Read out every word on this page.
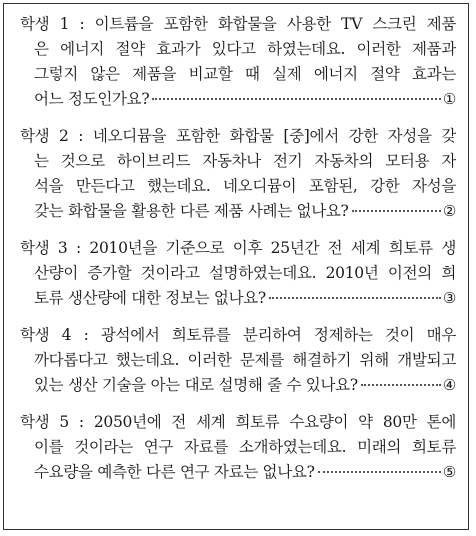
학생 1 : 이트륨을 포함한 화합물을 사용한 TV 스크린 제품
은 에너지 절약 효과가 있다고 하였는데요. 이러한 제품과
그렇지 않은 제품을 비교할 때 실제 에너지 절약 효과는
어느 정도인가요?	①
학생 2 : 네오디뮴을 포함한 화합물 [중]에서 강한 자성을 갖
는 것으로 하이브리드 자동차나 전기 자동차의 모터용 자
석을 만든다고 했는데요. 네오디뮴이 포함된, 강한 자성을
갖는 화합물을 활용한 다른 제품 사례는 없나요?	②
학생 3 : 2010년을 기준으로 이후 25년간 전 세계 희토류 생
산량이 증가할 것이라고 설명하였는데요. 2010년 이전의 희
토류 생산량에 대한 정보는 없나요?	③
학생 4 : 광석에서 희토류를 분리하여 정제하는 것이 매우
까다롭다고 했는데요. 이러한 문제를 해결하기 위해 개발되고
있는 생산 기술을 아는 대로 설명해 줄 수 있나요?	④
학생 5 : 2050년에 전 세계 희토류 수요량이 약 80만 톤에
이를 것이라는 연구 자료를 소개하였는데요. 미래의 희토류
수요량을 예측한 다른 연구 자료는 없나요?	⑤
